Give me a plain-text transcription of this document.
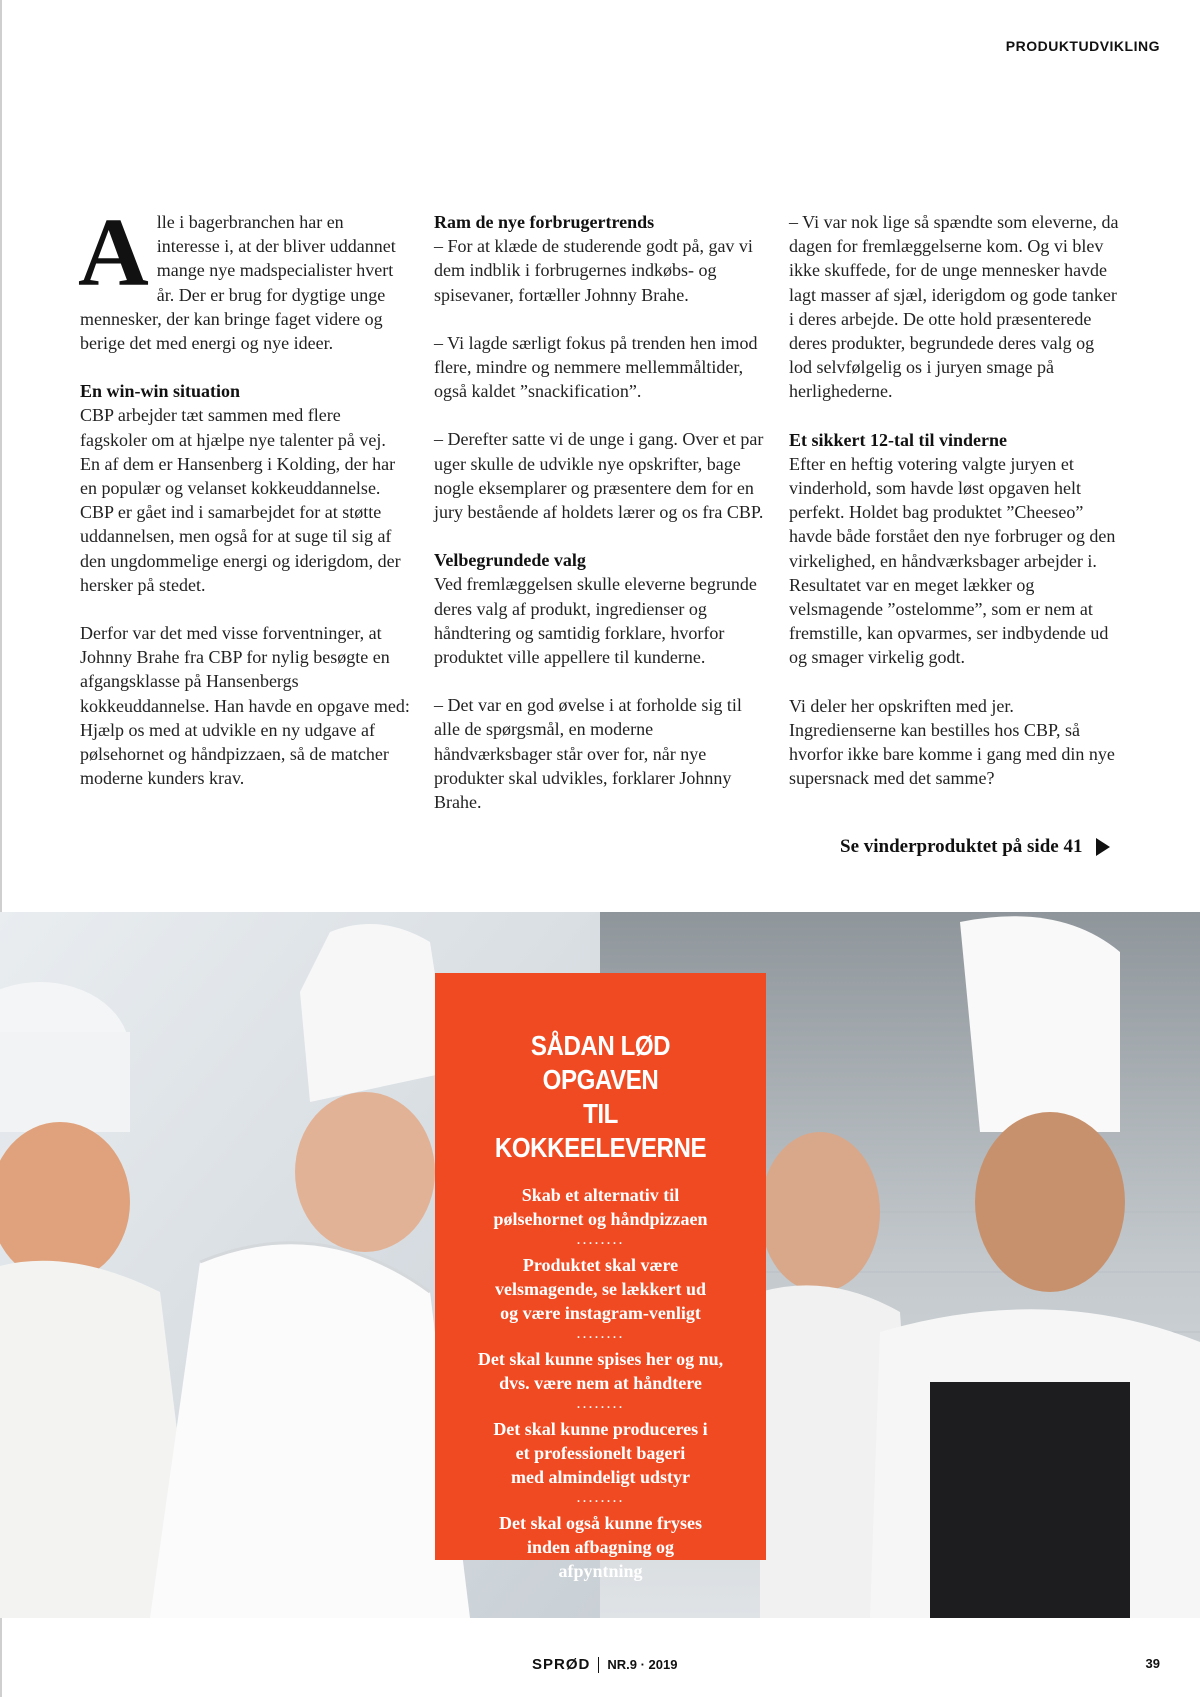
PRODUKTUDVIKLING

A lle i bagerbranchen har en interesse i, at der bliver uddannet mange nye madspecialister hvert år. Der er brug for dygtige unge mennesker, der kan bringe faget videre og berige det med energi og nye ideer.

En win-win situation

CBP arbejder tæt sammen med flere fagskoler om at hjælpe nye talenter på vej. En af dem er Hansenberg i Kolding, der har en populær og velanset kokkeuddannelse. CBP er gået ind i samarbejdet for at støtte uddannelsen, men også for at suge til sig af den ungdommelige energi og iderigdom, der hersker på stedet.

Derfor var det med visse forventninger, at Johnny Brahe fra CBP for nylig besøgte en afgangsklasse på Hansenbergs kokkeuddannelse. Han havde en opgave med: Hjælp os med at udvikle en ny udgave af pølsehornet og håndpizzaen, så de matcher moderne kunders krav.

Ram de nye forbrugertrends

– For at klæde de studerende godt på, gav vi dem indblik i forbrugernes indkøbs- og spisevaner, fortæller Johnny Brahe.

– Vi lagde særligt fokus på trenden hen imod flere, mindre og nemmere mellemmåltider, også kaldet ”snackification”.

– Derefter satte vi de unge i gang. Over et par uger skulle de udvikle nye opskrifter, bage nogle eksemplarer og præsentere dem for en jury bestående af holdets lærer og os fra CBP.

Velbegrundede valg

Ved fremlæggelsen skulle eleverne begrunde deres valg af produkt, ingredienser og håndtering og samtidig forklare, hvorfor produktet ville appellere til kunderne.

– Det var en god øvelse i at forholde sig til alle de spørgsmål, en moderne håndværksbager står over for, når nye produkter skal udvikles, forklarer Johnny Brahe.

– Vi var nok lige så spændte som eleverne, da dagen for fremlæggelserne kom. Og vi blev ikke skuffede, for de unge mennesker havde lagt masser af sjæl, iderigdom og gode tanker i deres arbejde. De otte hold præsenterede deres produkter, begrundede deres valg og lod selvfølgelig os i juryen smage på herlighederne.

Et sikkert 12-tal til vinderne

Efter en heftig votering valgte juryen et vinderhold, som havde løst opgaven helt perfekt. Holdet bag produktet ”Cheeseo” havde både forstået den nye forbruger og den virkelighed, en håndværksbager arbejder i. Resultatet var en meget lækker og velsmagende ”ostelomme”, som er nem at fremstille, kan opvarmes, ser indbydende ud og smager virkelig godt.

Vi deler her opskriften med jer. Ingredienserne kan bestilles hos CBP, så hvorfor ikke bare komme i gang med din nye supersnack med det samme?

Se vinderproduktet på side 41
SÅDAN LØD OPGAVEN
TIL KOKKEELEVERNE
Skab et alternativ til
pølsehornet og håndpizzaen
........
Produktet skal være
velsmagende, se lækkert ud
og være instagram-venligt
........
Det skal kunne spises her og nu,
dvs. være nem at håndtere
........
Det skal kunne produceres i
et professionelt bageri
med almindeligt udstyr
........
Det skal også kunne fryses
inden afbagning og
afpyntning
SPRØD NR.9 · 2019	39
